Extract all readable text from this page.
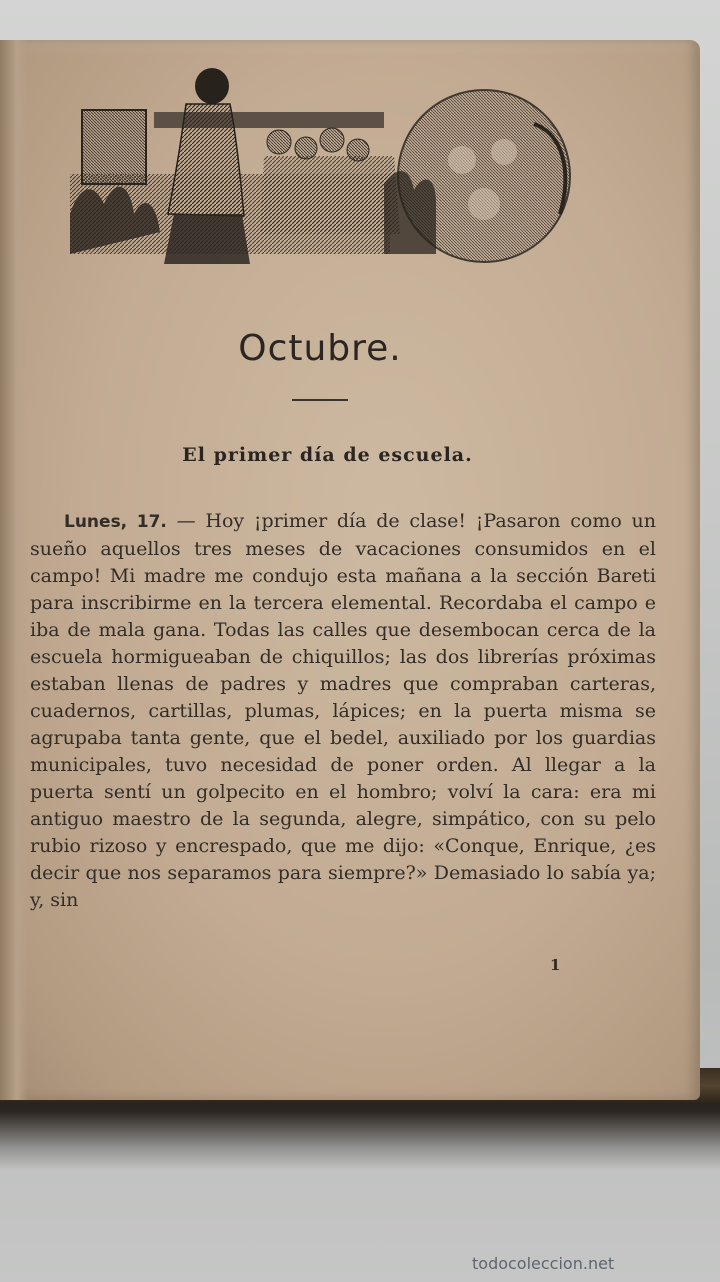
Octubre.
El primer día de escuela.

Lunes, 17. — Hoy ¡primer día de clase! ¡Pasaron como un sueño aquellos tres meses de vacaciones consumidos en el campo! Mi madre me condujo esta mañana a la sección Bareti para inscribirme en la tercera elemental. Recordaba el campo e iba de mala gana. Todas las calles que desembocan cerca de la escuela hormigueaban de chiquillos; las dos librerías próximas estaban llenas de padres y madres que compraban carteras, cuadernos, cartillas, plumas, lápices; en la puerta misma se agrupaba tanta gente, que el bedel, auxiliado por los guardias municipales, tuvo necesidad de poner orden. Al llegar a la puerta sentí un golpecito en el hombro; volví la cara: era mi antiguo maestro de la segunda, alegre, simpático, con su pelo rubio rizoso y encrespado, que me dijo: «Conque, Enrique, ¿es decir que nos separamos para siempre?» Demasiado lo sabía ya; y, sin

1
todocoleccion.net
